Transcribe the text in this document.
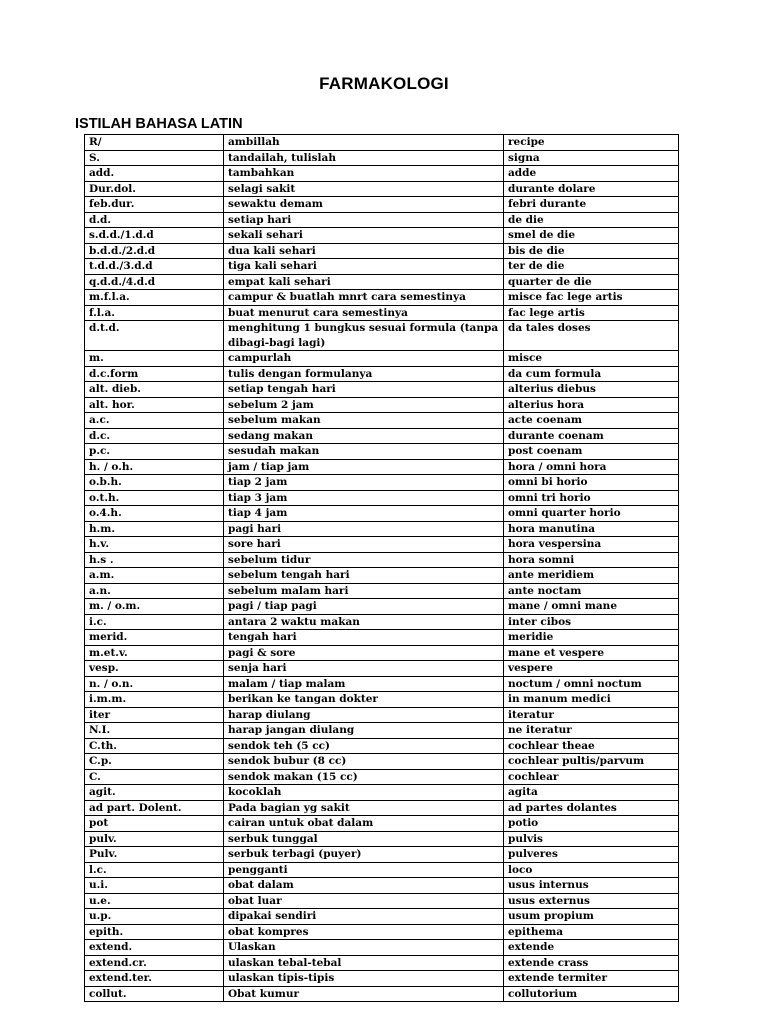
FARMAKOLOGI
ISTILAH BAHASA LATIN
R/	ambillah	recipe
S.	tandailah, tulislah	signa
add.	tambahkan	adde
Dur.dol.	selagi sakit	durante dolare
feb.dur.	sewaktu demam	febri durante
d.d.	setiap hari	de die
s.d.d./1.d.d	sekali sehari	smel de die
b.d.d./2.d.d	dua kali sehari	bis de die
t.d.d./3.d.d	tiga kali sehari	ter de die
q.d.d./4.d.d	empat kali sehari	quarter de die
m.f.l.a.	campur & buatlah mnrt cara semestinya	misce fac lege artis
f.l.a.	buat menurut cara semestinya	fac lege artis
d.t.d.	menghitung 1 bungkus sesuai formula (tanpa dibagi-bagi lagi)	da tales doses
m.	campurlah	misce
d.c.form	tulis dengan formulanya	da cum formula
alt. dieb.	setiap tengah hari	alterius diebus
alt. hor.	sebelum 2 jam	alterius hora
a.c.	sebelum makan	acte coenam
d.c.	sedang makan	durante coenam
p.c.	sesudah makan	post coenam
h. / o.h.	jam / tiap jam	hora / omni hora
o.b.h.	tiap 2 jam	omni bi horio
o.t.h.	tiap 3 jam	omni tri horio
o.4.h.	tiap 4 jam	omni quarter horio
h.m.	pagi hari	hora manutina
h.v.	sore hari	hora vespersina
h.s .	sebelum tidur	hora somni
a.m.	sebelum tengah hari	ante meridiem
a.n.	sebelum malam hari	ante noctam
m. / o.m.	pagi / tiap pagi	mane / omni mane
i.c.	antara 2 waktu makan	inter cibos
merid.	tengah hari	meridie
m.et.v.	pagi & sore	mane et vespere
vesp.	senja hari	vespere
n. / o.n.	malam / tiap malam	noctum / omni noctum
i.m.m.	berikan ke tangan dokter	in manum medici
iter	harap diulang	iteratur
N.I.	harap jangan diulang	ne iteratur
C.th.	sendok teh (5 cc)	cochlear theae
C.p.	sendok bubur (8 cc)	cochlear pultis/parvum
C.	sendok makan (15 cc)	cochlear
agit.	kocoklah	agita
ad part. Dolent.	Pada bagian yg sakit	ad partes dolantes
pot	cairan untuk obat dalam	potio
pulv.	serbuk tunggal	pulvis
Pulv.	serbuk terbagi (puyer)	pulveres
l.c.	pengganti	loco
u.i.	obat dalam	usus internus
u.e.	obat luar	usus externus
u.p.	dipakai sendiri	usum propium
epith.	obat kompres	epithema
extend.	Ulaskan	extende
extend.cr.	ulaskan tebal-tebal	extende crass
extend.ter.	ulaskan tipis-tipis	extende termiter
collut.	Obat kumur	collutorium
